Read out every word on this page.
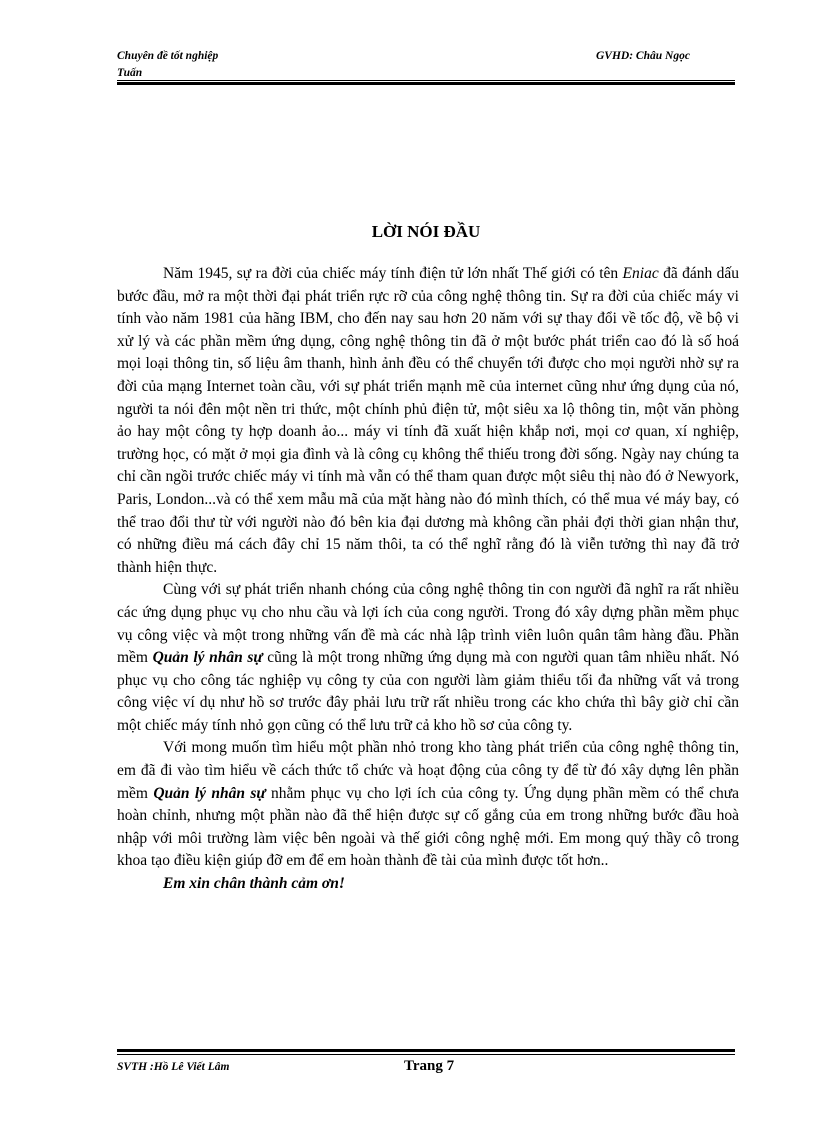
Chuyên đề tốt nghiệp
Tuấn
GVHD: Châu Ngọc
LỜI NÓI ĐẦU

Năm 1945, sự ra đời của chiếc máy tính điện tử lớn nhất Thế giới có tên Eniac đã đánh dấu bước đầu, mở ra một thời đại phát triển rực rỡ của công nghệ thông tin. Sự ra đời của chiếc máy vi tính vào năm 1981 của hãng IBM, cho đến nay sau hơn 20 năm với sự thay đổi về tốc độ, về bộ vi xử lý và các phần mềm ứng dụng, công nghệ thông tin đã ở một bước phát triển cao đó là số hoá mọi loại thông tin, số liệu âm thanh, hình ảnh đều có thể chuyển tới được cho mọi người nhờ sự ra đời của mạng Internet toàn cầu, với sự phát triển mạnh mẽ của internet cũng như ứng dụng của nó, người ta nói đên một nền tri thức, một chính phủ điện tử, một siêu xa lộ thông tin, một văn phòng ảo hay một công ty hợp doanh ảo... máy vi tính đã xuất hiện khắp nơi, mọi cơ quan, xí nghiệp, trường học, có mặt ở mọi gia đình và là công cụ không thể thiếu trong đời sống. Ngày nay chúng ta chỉ cần ngồi trước chiếc máy vi tính mà vẫn có thể tham quan được một siêu thị nào đó ở Newyork, Paris, London...và có thể xem mẫu mã của mặt hàng nào đó mình thích, có thể mua vé máy bay, có thể trao đổi thư từ với người nào đó bên kia đại dương mà không cần phải đợi thời gian nhận thư, có những điều má cách đây chỉ 15 năm thôi, ta có thể nghĩ rằng đó là viễn tưởng thì nay đã trở thành hiện thực.

Cùng với sự phát triển nhanh chóng của công nghệ thông tin con người đã nghĩ ra rất nhiều các ứng dụng phục vụ cho nhu cầu và lợi ích của cong người. Trong đó xây dựng phần mềm phục vụ công việc và một trong những vấn đề mà các nhà lập trình viên luôn quân tâm hàng đầu. Phần mềm Quản lý nhân sự cũng là một trong những ứng dụng mà con người quan tâm nhiều nhất. Nó phục vụ cho công tác nghiệp vụ công ty của con người làm giảm thiểu tối đa những vất vả trong công việc ví dụ như hồ sơ trước đây phải lưu trữ rất nhiều trong các kho chứa thì bây giờ chỉ cần một chiếc máy tính nhỏ gọn cũng có thể lưu trữ cả kho hồ sơ của công ty.

Với mong muốn tìm hiểu một phần nhỏ trong kho tàng phát triển của công nghệ thông tin, em đã đi vào tìm hiểu về cách thức tổ chức và hoạt động của công ty để từ đó xây dựng lên phần mềm Quản lý nhân sự nhằm phục vụ cho lợi ích của công ty. Ứng dụng phần mềm có thể chưa hoàn chỉnh, nhưng một phần nào đã thể hiện được sự cố gắng của em trong những bước đầu hoà nhập với môi trường làm việc bên ngoài và thế giới công nghệ mới. Em mong quý thầy cô trong khoa tạo điều kiện giúp đỡ em để em hoàn thành đề tài của mình được tốt hơn..

Em xin chân thành cảm ơn!

SVTH :Hồ Lê Viết Lâm	Trang 7
